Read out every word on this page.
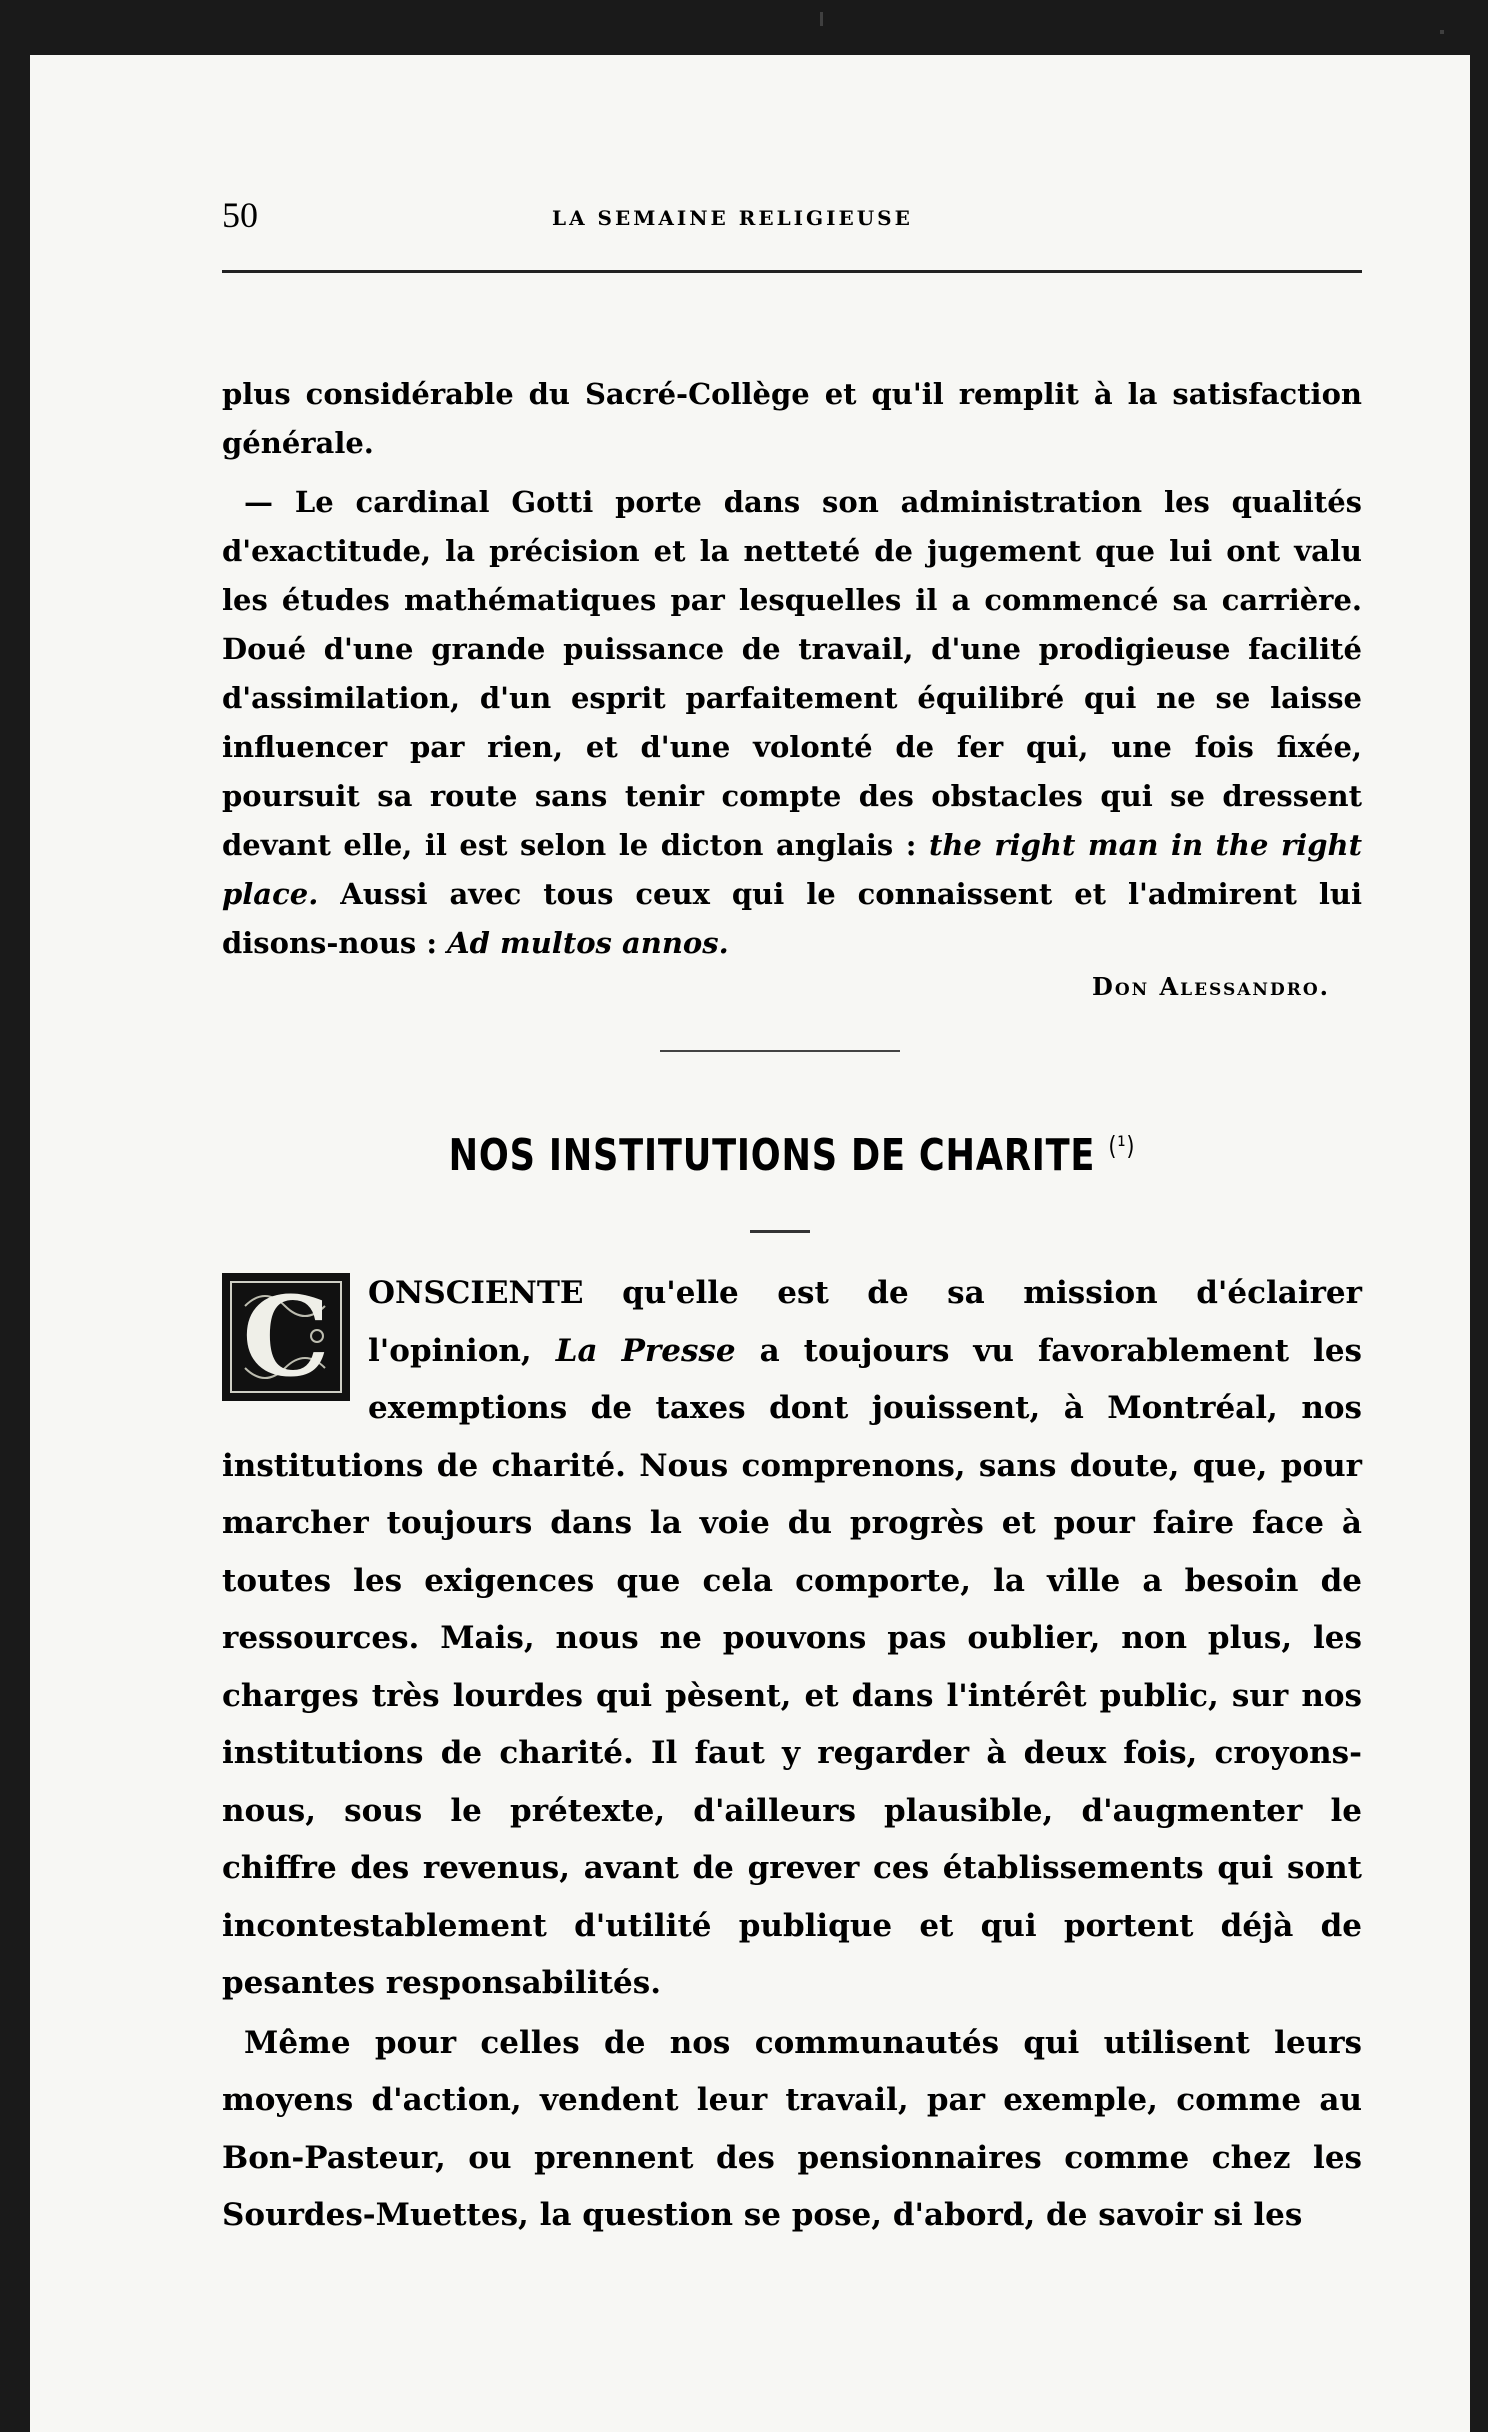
50	LA SEMAINE RELIGIEUSE

plus considérable du Sacré-Collège et qu'il remplit à la satisfaction générale.

— Le cardinal Gotti porte dans son administration les qualités d'exactitude, la précision et la netteté de jugement que lui ont valu les études mathématiques par lesquelles il a commencé sa carrière. Doué d'une grande puissance de travail, d'une prodigieuse facilité d'assimilation, d'un esprit parfaitement équilibré qui ne se laisse influencer par rien, et d'une volonté de fer qui, une fois fixée, poursuit sa route sans tenir compte des obstacles qui se dressent devant elle, il est selon le dicton anglais : the right man in the right place. Aussi avec tous ceux qui le connaissent et l'admirent lui disons-nous : Ad multos annos.

Don Alessandro.
NOS INSTITUTIONS DE CHARITE $^{(^1)}$
C	ONSCIENTE qu'elle est de sa mission d'éclairer l'opinion, La Presse a toujours vu favorablement les exemptions de taxes dont jouissent, à Montréal, nos institutions de charité. Nous comprenons, sans doute, que, pour marcher toujours dans la voie du progrès et pour faire face à toutes les exigences que cela comporte, la ville a besoin de ressources. Mais, nous ne pouvons pas oublier, non plus, les charges très lourdes qui pèsent, et dans l'intérêt public, sur nos institutions de charité. Il faut y regarder à deux fois, croyons-nous, sous le prétexte, d'ailleurs plausible, d'augmenter le chiffre des revenus, avant de grever ces établissements qui sont incontestablement d'utilité publique et qui portent déjà de pesantes responsabilités.

Même pour celles de nos communautés qui utilisent leurs moyens d'action, vendent leur travail, par exemple, comme au Bon-Pasteur, ou prennent des pensionnaires comme chez les Sourdes-Muettes, la question se pose, d'abord, de savoir si les
